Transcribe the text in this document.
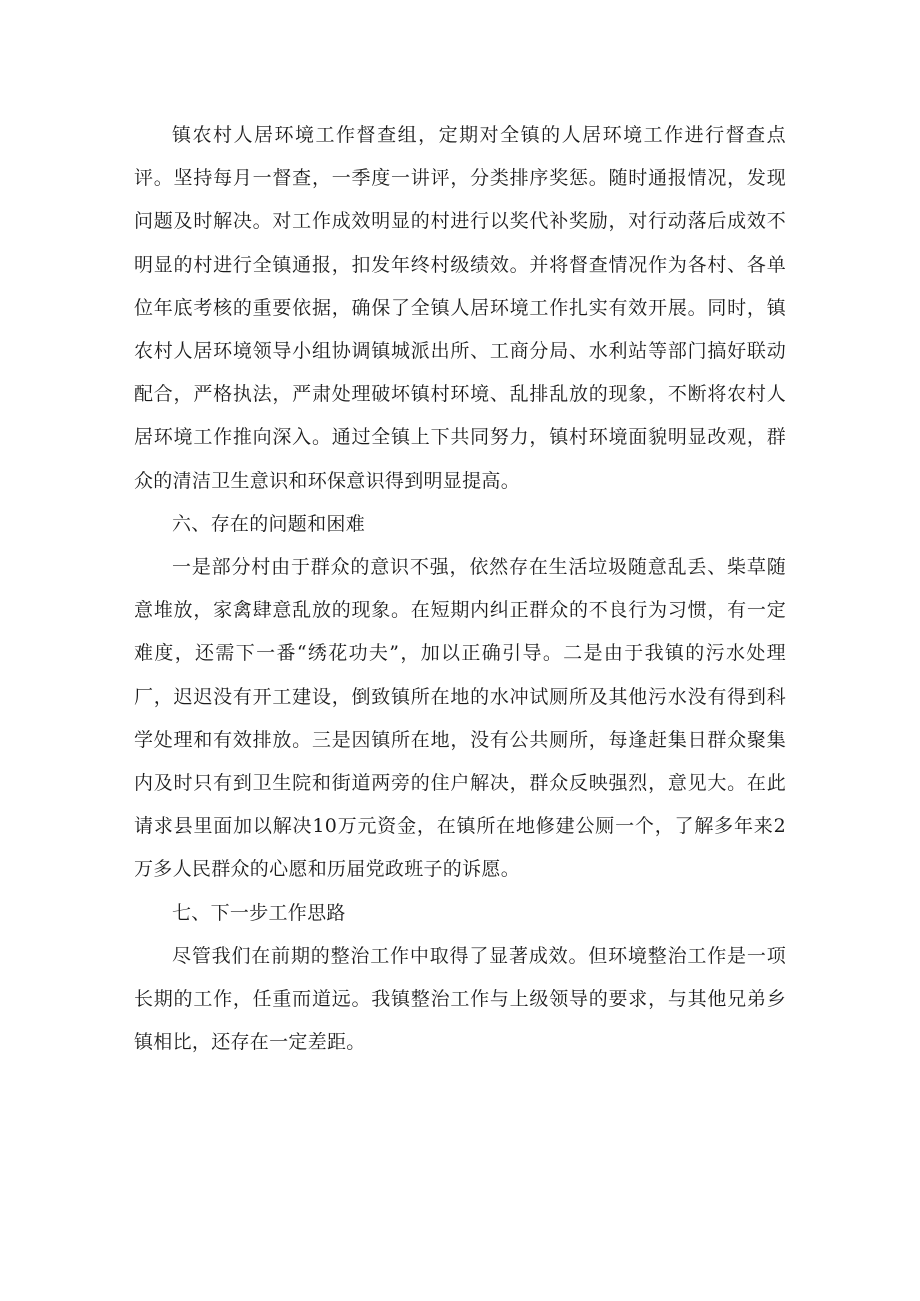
镇农村人居环境工作督查组，定期对全镇的人居环境工作进行督查点评。坚持每月一督查，一季度一讲评，分类排序奖惩。随时通报情况，发现问题及时解决。对工作成效明显的村进行以奖代补奖励，对行动落后成效不明显的村进行全镇通报，扣发年终村级绩效。并将督查情况作为各村、各单位年底考核的重要依据，确保了全镇人居环境工作扎实有效开展。同时，镇农村人居环境领导小组协调镇城派出所、工商分局、水利站等部门搞好联动配合，严格执法，严肃处理破坏镇村环境、乱排乱放的现象，不断将农村人居环境工作推向深入。通过全镇上下共同努力，镇村环境面貌明显改观，群众的清洁卫生意识和环保意识得到明显提高。

六、存在的问题和困难

一是部分村由于群众的意识不强，依然存在生活垃圾随意乱丢、柴草随意堆放，家禽肆意乱放的现象。在短期内纠正群众的不良行为习惯，有一定难度，还需下一番“绣花功夫”，加以正确引导。二是由于我镇的污水处理厂，迟迟没有开工建设，倒致镇所在地的水冲试厕所及其他污水没有得到科学处理和有效排放。三是因镇所在地，没有公共厕所，每逢赶集日群众聚集内及时只有到卫生院和街道两旁的住户解决，群众反映强烈，意见大。在此请求县里面加以解决10万元资金，在镇所在地修建公厕一个，了解多年来2万多人民群众的心愿和历届党政班子的诉愿。

七、下一步工作思路

尽管我们在前期的整治工作中取得了显著成效。但环境整治工作是一项长期的工作，任重而道远。我镇整治工作与上级领导的要求，与其他兄弟乡镇相比，还存在一定差距。
